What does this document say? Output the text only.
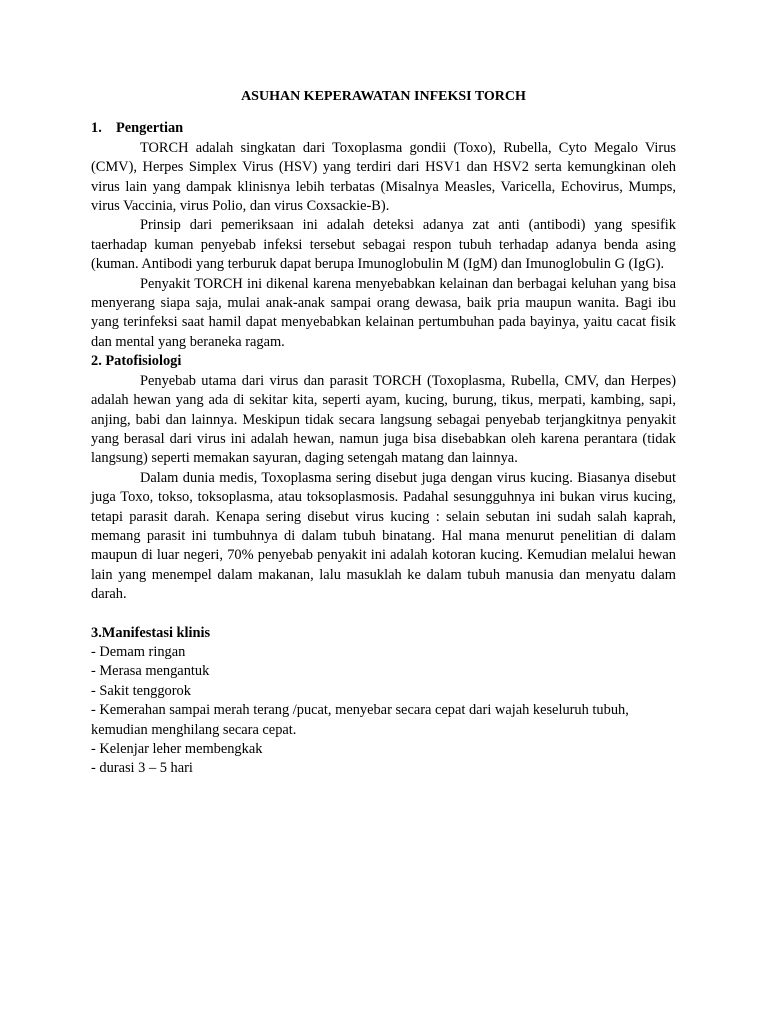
ASUHAN KEPERAWATAN INFEKSI TORCH

1. Pengertian

TORCH adalah singkatan dari Toxoplasma gondii (Toxo), Rubella, Cyto Megalo Virus (CMV), Herpes Simplex Virus (HSV) yang terdiri dari HSV1 dan HSV2 serta kemungkinan oleh virus lain yang dampak klinisnya lebih terbatas (Misalnya Measles, Varicella, Echovirus, Mumps, virus Vaccinia, virus Polio, dan virus Coxsackie-B).

Prinsip dari pemeriksaan ini adalah deteksi adanya zat anti (antibodi) yang spesifik taerhadap kuman penyebab infeksi tersebut sebagai respon tubuh terhadap adanya benda asing (kuman. Antibodi yang terburuk dapat berupa Imunoglobulin M (IgM) dan Imunoglobulin G (IgG).

Penyakit TORCH ini dikenal karena menyebabkan kelainan dan berbagai keluhan yang bisa menyerang siapa saja, mulai anak-anak sampai orang dewasa, baik pria maupun wanita. Bagi ibu yang terinfeksi saat hamil dapat menyebabkan kelainan pertumbuhan pada bayinya, yaitu cacat fisik dan mental yang beraneka ragam.

2. Patofisiologi

Penyebab utama dari virus dan parasit TORCH (Toxoplasma, Rubella, CMV, dan Herpes) adalah hewan yang ada di sekitar kita, seperti ayam, kucing, burung, tikus, merpati, kambing, sapi, anjing, babi dan lainnya. Meskipun tidak secara langsung sebagai penyebab terjangkitnya penyakit yang berasal dari virus ini adalah hewan, namun juga bisa disebabkan oleh karena perantara (tidak langsung) seperti memakan sayuran, daging setengah matang dan lainnya.

Dalam dunia medis, Toxoplasma sering disebut juga dengan virus kucing. Biasanya disebut juga Toxo, tokso, toksoplasma, atau toksoplasmosis. Padahal sesungguhnya ini bukan virus kucing, tetapi parasit darah. Kenapa sering disebut virus kucing : selain sebutan ini sudah salah kaprah, memang parasit ini tumbuhnya di dalam tubuh binatang. Hal mana menurut penelitian di dalam maupun di luar negeri, 70% penyebab penyakit ini adalah kotoran kucing. Kemudian melalui hewan lain yang menempel dalam makanan, lalu masuklah ke dalam tubuh manusia dan menyatu dalam darah.

3.Manifestasi klinis

- Demam ringan
- Merasa mengantuk
- Sakit tenggorok
- Kemerahan sampai merah terang /pucat, menyebar secara cepat dari wajah keseluruh tubuh, kemudian menghilang secara cepat.
- Kelenjar leher membengkak
- durasi 3 – 5 hari
